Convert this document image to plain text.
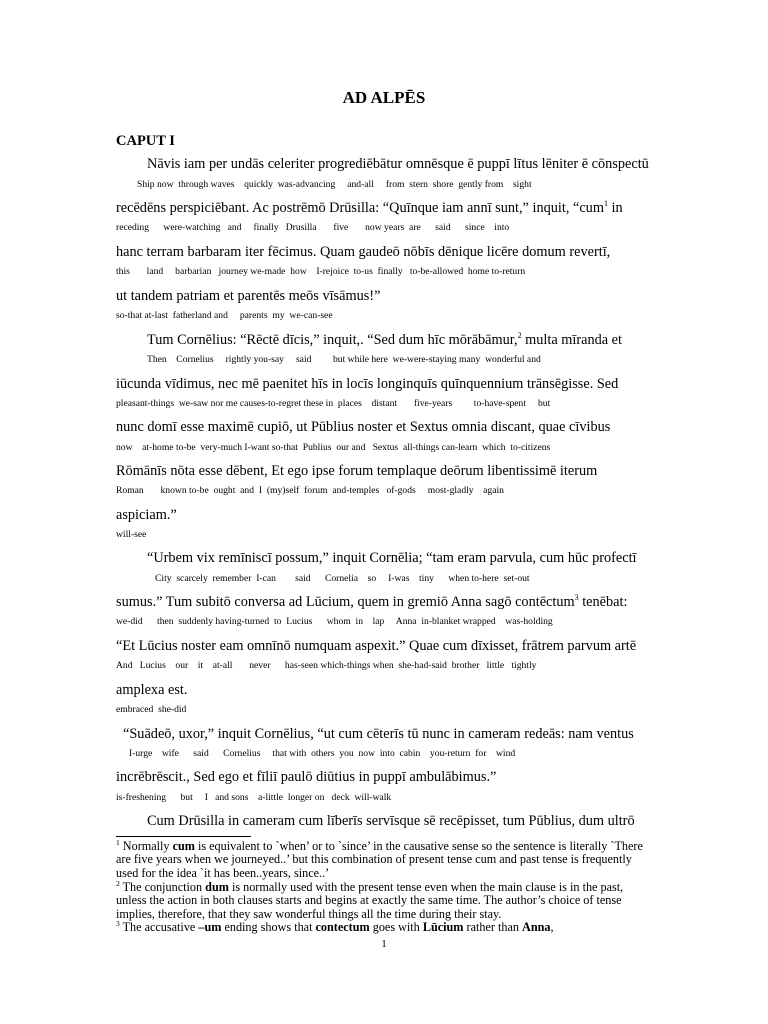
AD ALPĒS
CAPUT I
Nāvis iam per undās celeriter progrediēbātur omnēsque ē puppī lītus lēniter ē cōnspectū
Ship now  through waves    quickly  was-advancing     and-all     from  stern  shore  gently from    sight
recēdēns perspiciēbant. Ac postrēmō Drūsilla: “Quīnque iam annī sunt,” inquit, “cum$^1$ in
receding      were-watching   and     finally   Drusilla       five       now years  are      said      since    into
hanc terram barbaram iter fēcimus. Quam gaudeō nōbīs dēnique licēre domum revertī,
this       land     barbarian   journey we-made  how    I-rejoice  to-us  finally   to-be-allowed  home to-return
ut tandem patriam et parentēs meōs vīsāmus!”
so-that at-last  fatherland and     parents  my  we-can-see
Tum Cornēlius: “Rēctē dīcis,” inquit,. “Sed dum hīc mōrābāmur,$^2$ multa mīranda et
Then    Cornelius     rightly you-say     said         but while here  we-were-staying many  wonderful and
iūcunda vīdimus, nec mē paenitet hīs in locīs longinquīs quīnquennium trānsēgisse. Sed
pleasant-things  we-saw nor me causes-to-regret these in  places    distant       five-years         to-have-spent     but
nunc domī esse maximē cupiō, ut Pūblius noster et Sextus omnia discant, quae cīvibus
now    at-home to-be  very-much I-want so-that  Publius  our and   Sextus  all-things can-learn  which  to-citizens
Rōmānīs nōta esse dēbent, Et ego ipse forum templaque deōrum libentissimē iterum
Roman       known to-be  ought  and  I  (my)self  forum  and-temples   of-gods     most-gladly    again
aspiciam.”
will-see
“Urbem vix remīniscī possum,” inquit Cornēlia; “tam eram parvula, cum hūc profectī
City  scarcely  remember  I-can        said      Cornelia    so     I-was    tiny      when to-here  set-out
sumus.” Tum subitō conversa ad Lūcium, quem in gremiō Anna sagō contēctum$^3$ tenēbat:
we-did      then  suddenly having-turned  to  Lucius      whom  in    lap     Anna  in-blanket wrapped    was-holding
“Et Lūcius noster eam omnīnō numquam aspexit.” Quae cum dīxisset, frātrem parvum artē
And   Lucius    our    it    at-all       never      has-seen which-things when  she-had-said  brother   little   tightly
amplexa est.
embraced  she-did
“Suādeō, uxor,” inquit Cornēlius, “ut cum cēterīs tū nunc in cameram redeās: nam ventus
I-urge    wife      said      Cornelius     that with  others  you  now  into  cabin    you-return  for    wind
incrēbrēscit., Sed ego et fīliī paulō diūtius in puppī ambulābimus.”
is-freshening      but     I   and sons    a-little  longer on   deck  will-walk
Cum Drūsilla in cameram cum līberīs servīsque sē recēpisset, tum Pūblius, dum ultrō
$^1$ Normally cum is equivalent to `when’ or to `since’ in the causative sense so the sentence is literally `There are five years when we journeyed..’ but this combination of present tense cum and past tense is frequently used for the idea `it has been..years, since..’
$^2$ The conjunction dum is normally used with the present tense even when the main clause is in the past, unless the action in both clauses starts and begins at exactly the same time. The author’s choice of tense implies, therefore, that they saw wonderful things all the time during their stay.
$^3$ The accusative –um ending shows that contectum goes with Lūcium rather than Anna,
1
